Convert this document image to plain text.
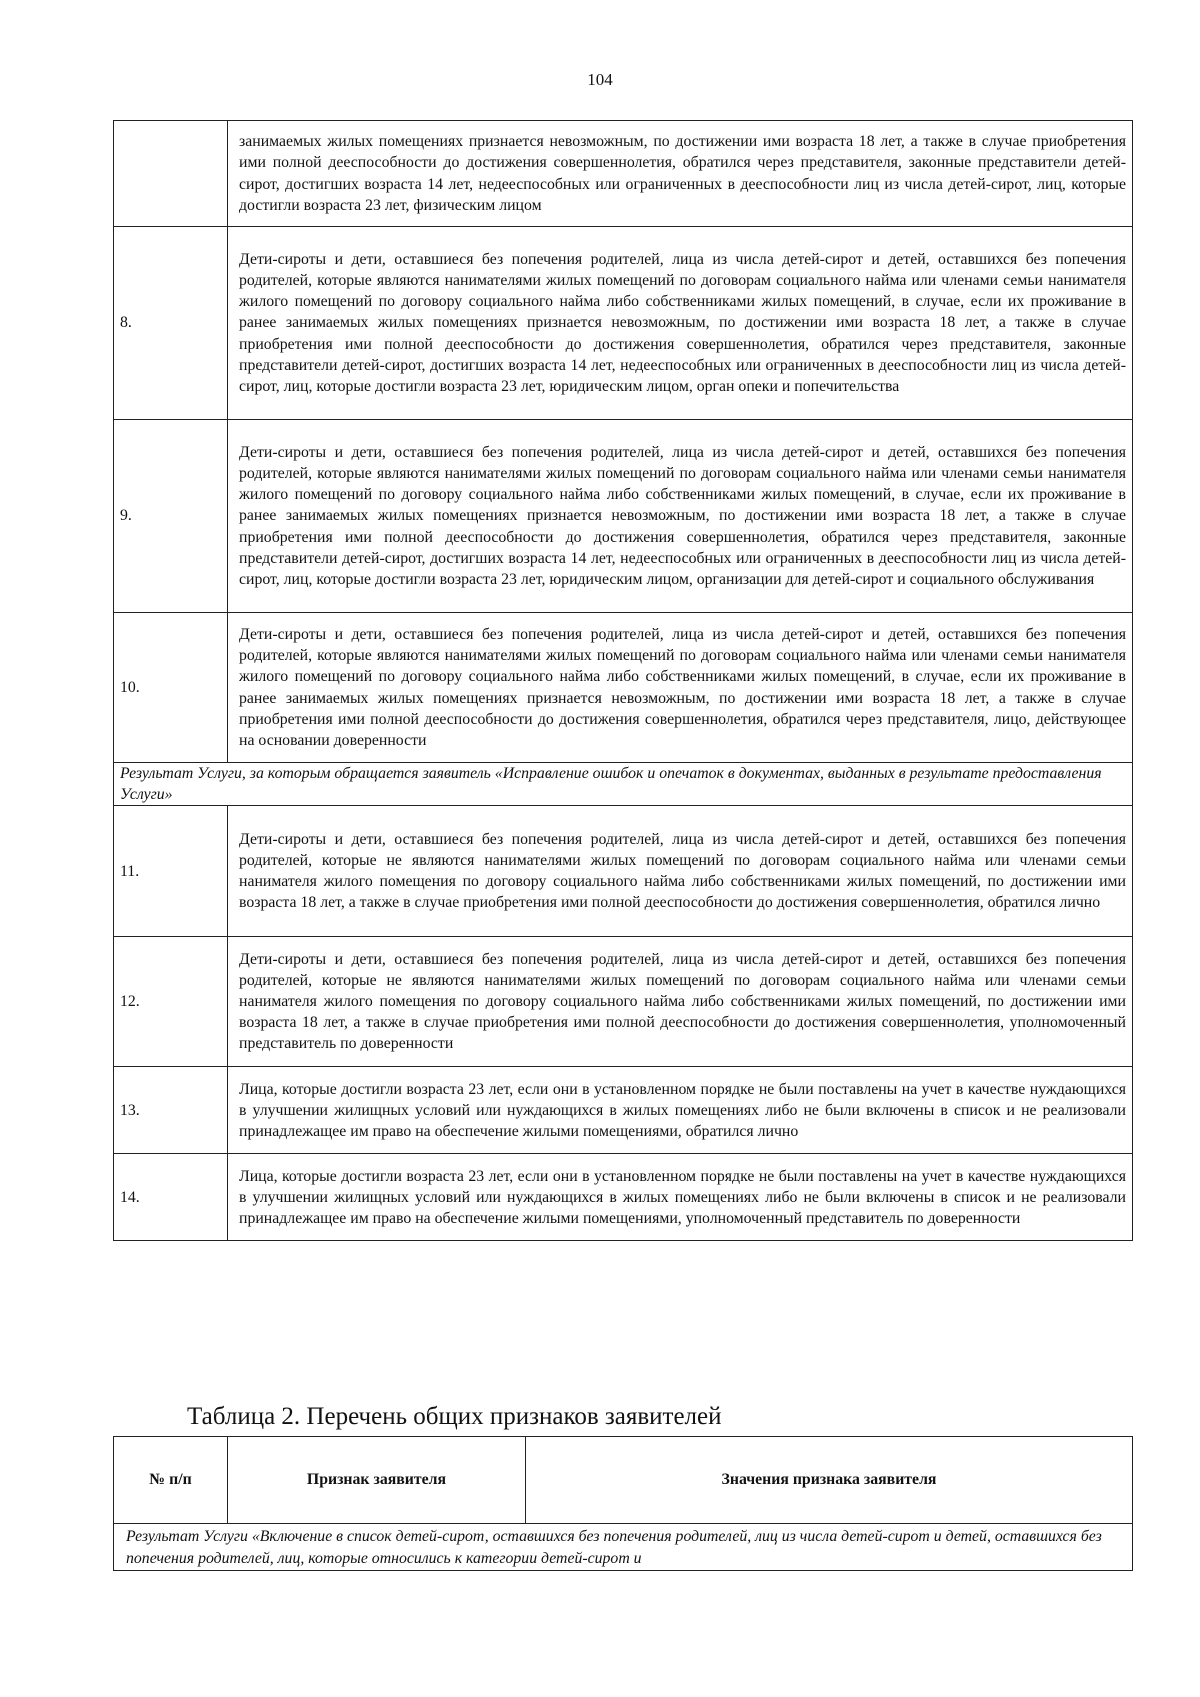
104
	занимаемых жилых помещениях признается невозможным, по достижении ими возраста 18 лет, а также в случае приобретения ими полной дееспособности до достижения совершеннолетия, обратился через представителя, законные представители детей-сирот, достигших возраста 14 лет, недееспособных или ограниченных в дееспособности лиц из числа детей-сирот, лиц, которые достигли возраста 23 лет, физическим лицом
8.	Дети-сироты и дети, оставшиеся без попечения родителей, лица из числа детей-сирот и детей, оставшихся без попечения родителей, которые являются нанимателями жилых помещений по договорам социального найма или членами семьи нанимателя жилого помещений по договору социального найма либо собственниками жилых помещений, в случае, если их проживание в ранее занимаемых жилых помещениях признается невозможным, по достижении ими возраста 18 лет, а также в случае приобретения ими полной дееспособности до достижения совершеннолетия, обратился через представителя, законные представители детей-сирот, достигших возраста 14 лет, недееспособных или ограниченных в дееспособности лиц из числа детей-сирот, лиц, которые достигли возраста 23 лет, юридическим лицом, орган опеки и попечительства
9.	Дети-сироты и дети, оставшиеся без попечения родителей, лица из числа детей-сирот и детей, оставшихся без попечения родителей, которые являются нанимателями жилых помещений по договорам социального найма или членами семьи нанимателя жилого помещений по договору социального найма либо собственниками жилых помещений, в случае, если их проживание в ранее занимаемых жилых помещениях признается невозможным, по достижении ими возраста 18 лет, а также в случае приобретения ими полной дееспособности до достижения совершеннолетия, обратился через представителя, законные представители детей-сирот, достигших возраста 14 лет, недееспособных или ограниченных в дееспособности лиц из числа детей-сирот, лиц, которые достигли возраста 23 лет, юридическим лицом, организации для детей-сирот и социального обслуживания
10.	Дети-сироты и дети, оставшиеся без попечения родителей, лица из числа детей-сирот и детей, оставшихся без попечения родителей, которые являются нанимателями жилых помещений по договорам социального найма или членами семьи нанимателя жилого помещений по договору социального найма либо собственниками жилых помещений, в случае, если их проживание в ранее занимаемых жилых помещениях признается невозможным, по достижении ими возраста 18 лет, а также в случае приобретения ими полной дееспособности до достижения совершеннолетия, обратился через представителя, лицо, действующее на основании доверенности
Результат Услуги, за которым обращается заявитель «Исправление ошибок и опечаток в документах, выданных в результате предоставления Услуги»	
11.	Дети-сироты и дети, оставшиеся без попечения родителей, лица из числа детей-сирот и детей, оставшихся без попечения родителей, которые не являются нанимателями жилых помещений по договорам социального найма или членами семьи нанимателя жилого помещения по договору социального найма либо собственниками жилых помещений, по достижении ими возраста 18 лет, а также в случае приобретения ими полной дееспособности до достижения совершеннолетия, обратился лично
12.	Дети-сироты и дети, оставшиеся без попечения родителей, лица из числа детей-сирот и детей, оставшихся без попечения родителей, которые не являются нанимателями жилых помещений по договорам социального найма или членами семьи нанимателя жилого помещения по договору социального найма либо собственниками жилых помещений, по достижении ими возраста 18 лет, а также в случае приобретения ими полной дееспособности до достижения совершеннолетия, уполномоченный представитель по доверенности
13.	Лица, которые достигли возраста 23 лет, если они в установленном порядке не были поставлены на учет в качестве нуждающихся в улучшении жилищных условий или нуждающихся в жилых помещениях либо не были включены в список и не реализовали принадлежащее им право на обеспечение жилыми помещениями, обратился лично
14.	Лица, которые достигли возраста 23 лет, если они в установленном порядке не были поставлены на учет в качестве нуждающихся в улучшении жилищных условий или нуждающихся в жилых помещениях либо не были включены в список и не реализовали принадлежащее им право на обеспечение жилыми помещениями, уполномоченный представитель по доверенности
Таблица 2. Перечень общих признаков заявителей
№ п/п	Признак заявителя	Значения признака заявителя
Результат Услуги «Включение в список детей-сирот, оставшихся без попечения родителей, лиц из числа детей-сирот и детей, оставшихся без попечения родителей, лиц, которые относились к категории детей-сирот и
